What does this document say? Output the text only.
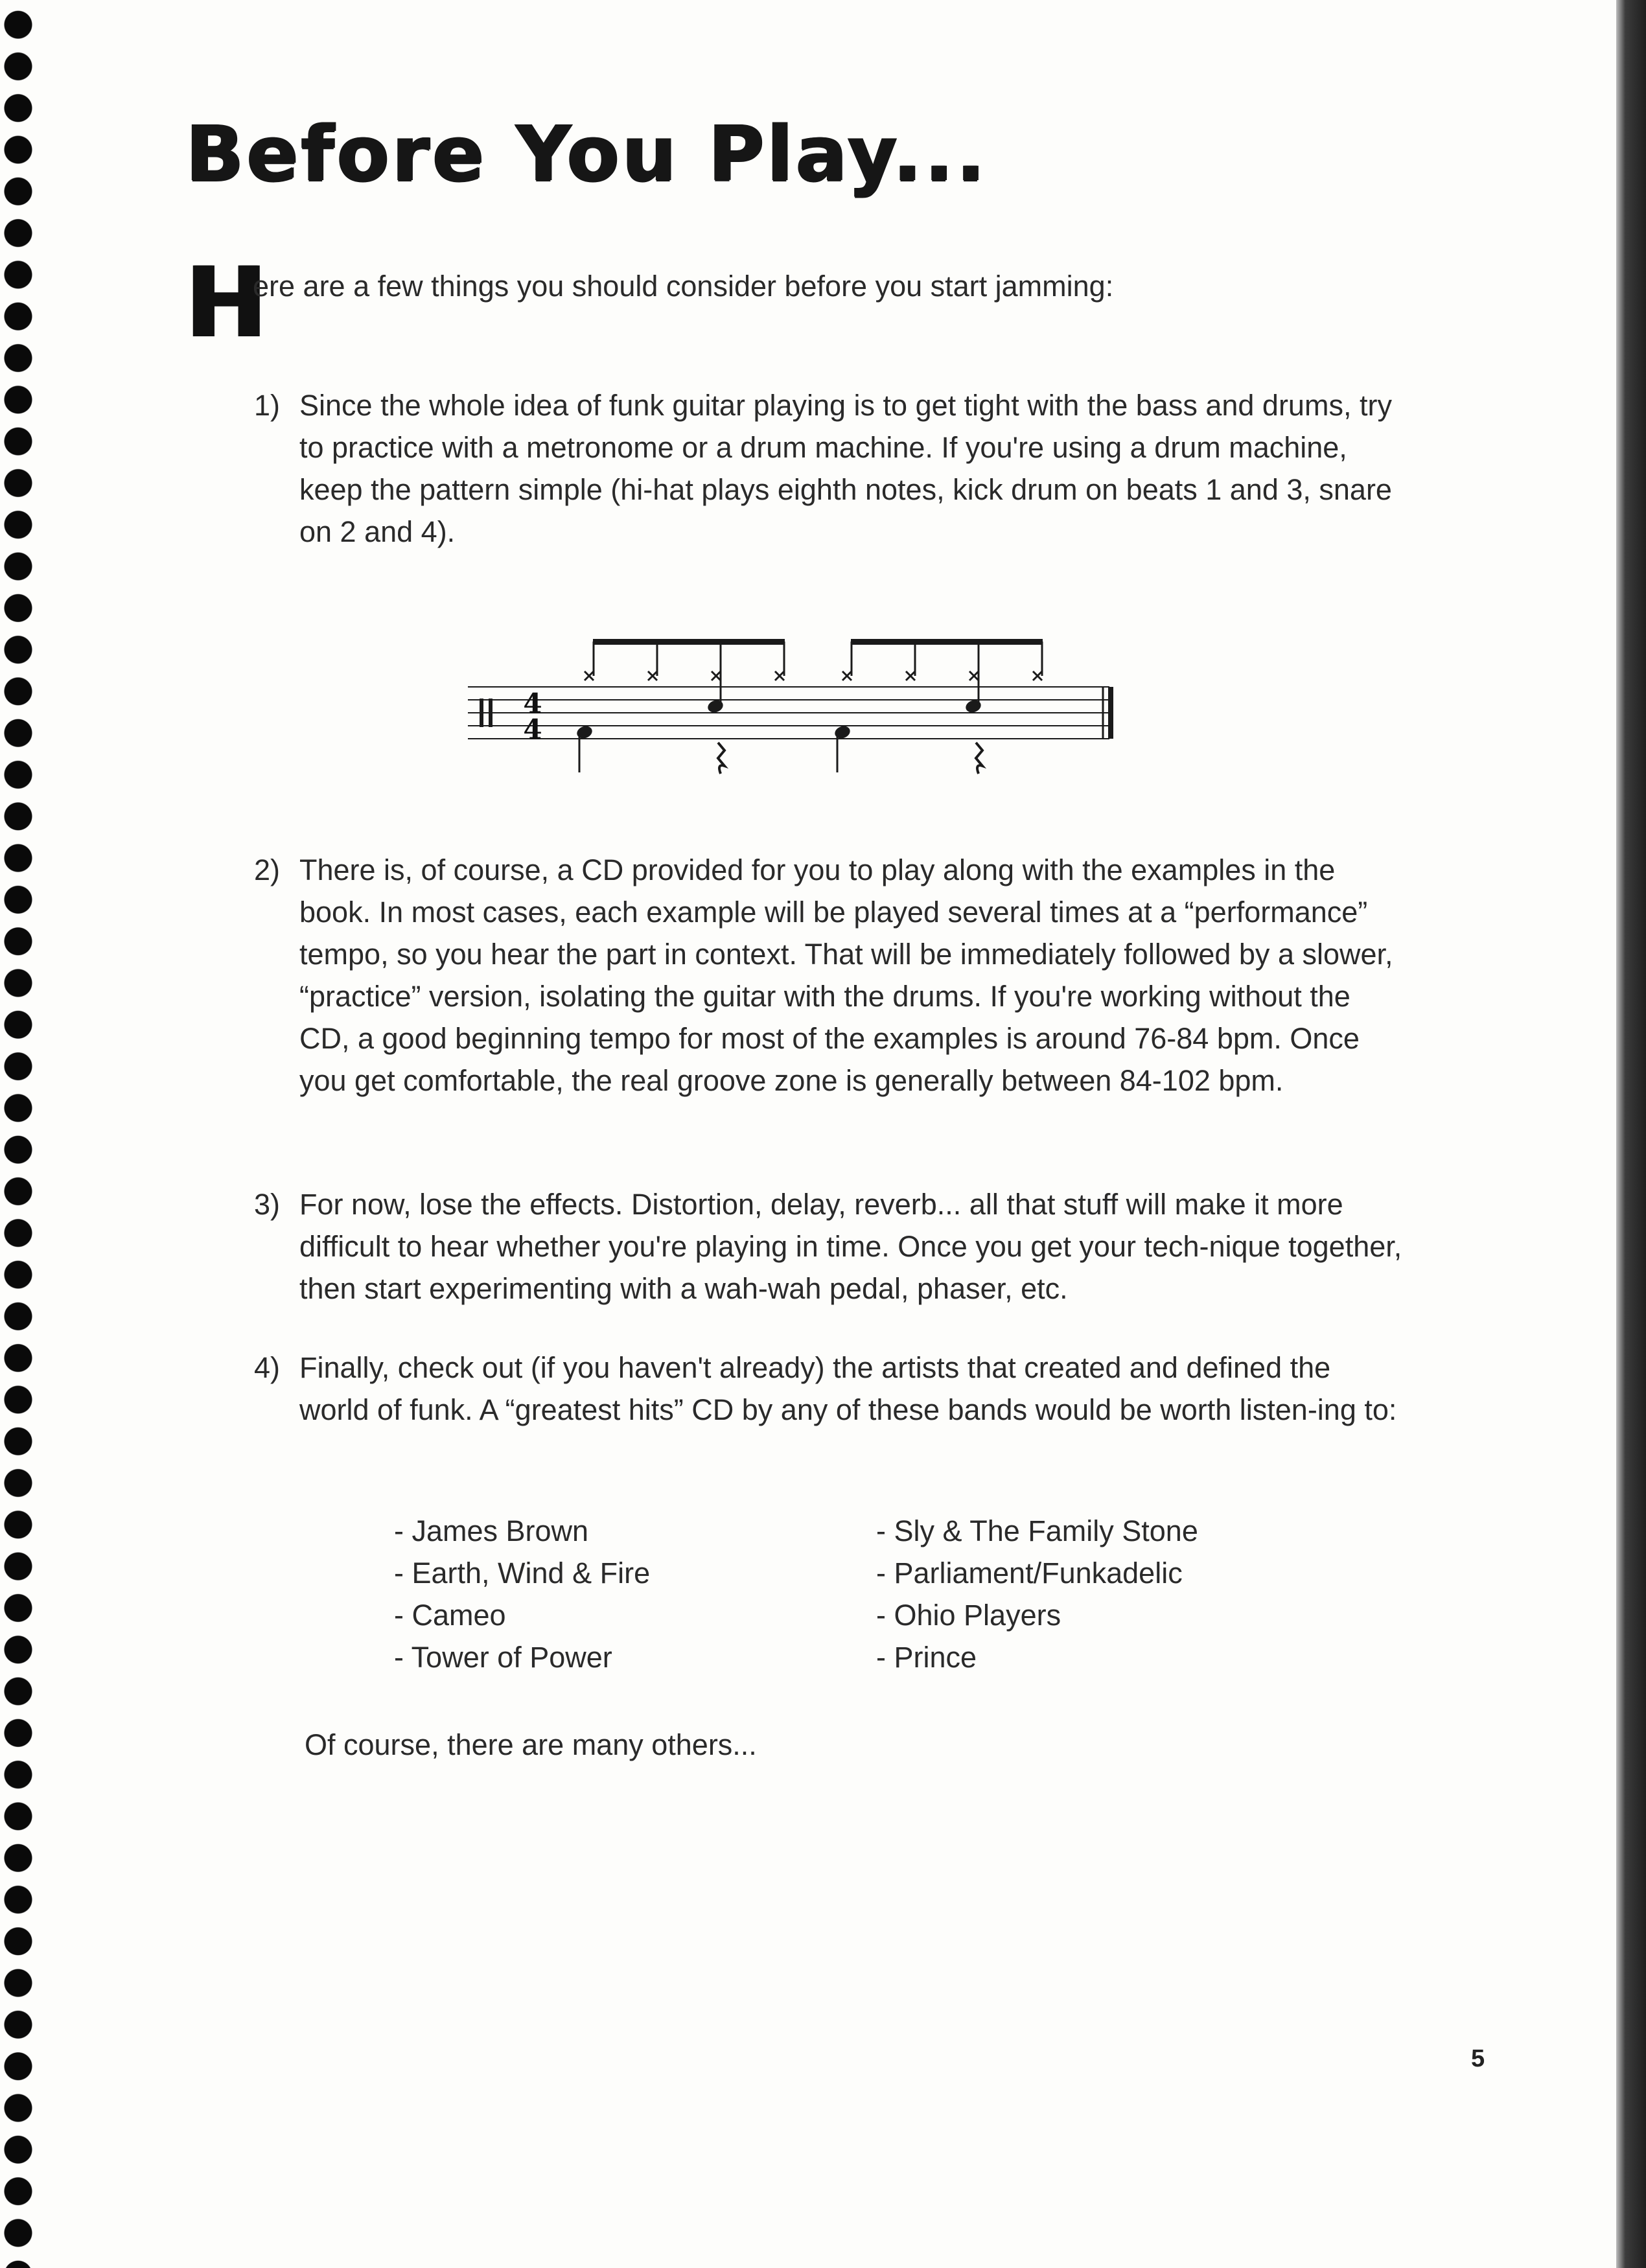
Before You Play...
H
ere are a few things you should consider before you start jamming:
1) Since the whole idea of funk guitar playing is to get tight with the bass and drums, try to practice with a metronome or a drum machine. If you're using a drum machine, keep the pattern simple (hi-hat plays eighth notes, kick drum on beats 1 and 3, snare on 2 and 4).
4
4
2) There is, of course, a CD provided for you to play along with the examples in the book. In most cases, each example will be played several times at a “performance” tempo, so you hear the part in context. That will be immediately followed by a slower, “practice” version, isolating the guitar with the drums. If you're working without the CD, a good beginning tempo for most of the examples is around 76-84 bpm. Once you get comfortable, the real groove zone is generally between 84-102 bpm.
3) For now, lose the effects. Distortion, delay, reverb... all that stuff will make it more difficult to hear whether you're playing in time. Once you get your tech-nique together, then start experimenting with a wah-wah pedal, phaser, etc.
4) Finally, check out (if you haven't already) the artists that created and defined the world of funk. A “greatest hits” CD by any of these bands would be worth listen-ing to:
- James Brown
- Earth, Wind & Fire
- Cameo
- Tower of Power
- Sly & The Family Stone
- Parliament/Funkadelic
- Ohio Players
- Prince
Of course, there are many others...
5
